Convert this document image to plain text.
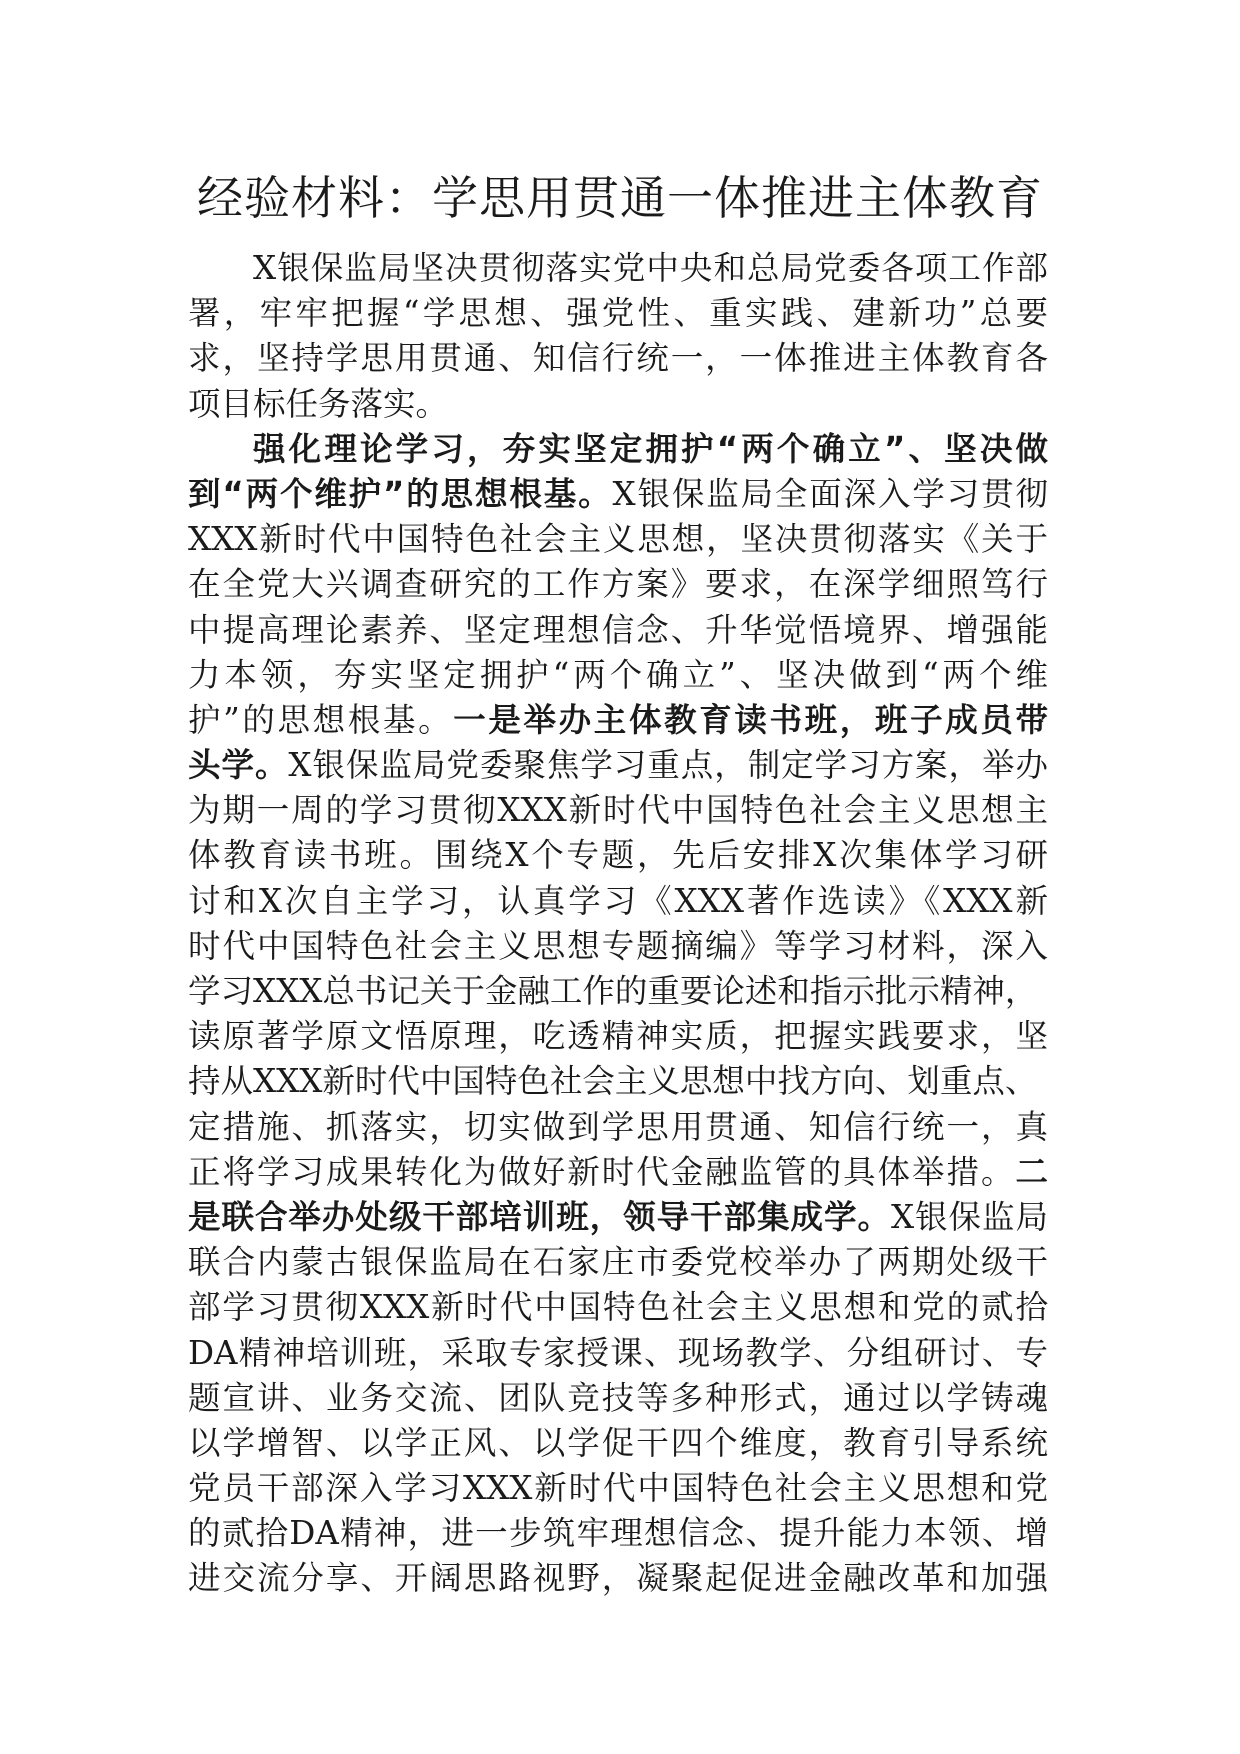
经验材料：学思用贯通一体推进主体教育
X银保监局坚决贯彻落实党中央和总局党委各项工作部
署，牢牢把握“学思想、强党性、重实践、建新功”总要
求，坚持学思用贯通、知信行统一，一体推进主体教育各
项目标任务落实。
强化理论学习，夯实坚定拥护“两个确立”、坚决做
到“两个维护”的思想根基。X银保监局全面深入学习贯彻
XXX新时代中国特色社会主义思想，坚决贯彻落实《关于
在全党大兴调查研究的工作方案》要求，在深学细照笃行
中提高理论素养、坚定理想信念、升华觉悟境界、增强能
力本领，夯实坚定拥护“两个确立”、坚决做到“两个维
护”的思想根基。一是举办主体教育读书班，班子成员带
头学。X银保监局党委聚焦学习重点，制定学习方案，举办
为期一周的学习贯彻XXX新时代中国特色社会主义思想主
体教育读书班。围绕X个专题，先后安排X次集体学习研
讨和X次自主学习，认真学习《XXX著作选读》《XXX新
时代中国特色社会主义思想专题摘编》等学习材料，深入
学习XXX总书记关于金融工作的重要论述和指示批示精神，
读原著学原文悟原理，吃透精神实质，把握实践要求，坚
持从XXX新时代中国特色社会主义思想中找方向、划重点、
定措施、抓落实，切实做到学思用贯通、知信行统一，真
正将学习成果转化为做好新时代金融监管的具体举措。二
是联合举办处级干部培训班，领导干部集成学。X银保监局
联合内蒙古银保监局在石家庄市委党校举办了两期处级干
部学习贯彻XXX新时代中国特色社会主义思想和党的贰拾
DA精神培训班，采取专家授课、现场教学、分组研讨、专
题宣讲、业务交流、团队竞技等多种形式，通过以学铸魂
以学增智、以学正风、以学促干四个维度，教育引导系统
党员干部深入学习XXX新时代中国特色社会主义思想和党
的贰拾DA精神，进一步筑牢理想信念、提升能力本领、增
进交流分享、开阔思路视野，凝聚起促进金融改革和加强
